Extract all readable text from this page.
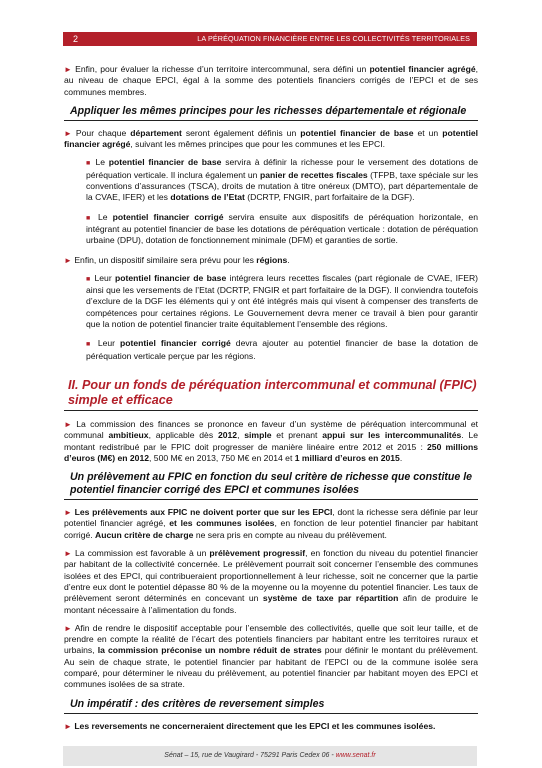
2	LA PÉRÉQUATION FINANCIÈRE ENTRE LES COLLECTIVITÉS TERRITORIALES

► Enfin, pour évaluer la richesse d’un territoire intercommunal, sera défini un potentiel financier agrégé, au niveau de chaque EPCI, égal à la somme des potentiels financiers corrigés de l’EPCI et de ses communes membres.

Appliquer les mêmes principes pour les richesses départementale et régionale

► Pour chaque département seront également définis un potentiel financier de base et un potentiel financier agrégé, suivant les mêmes principes que pour les communes et les EPCI.

■ Le potentiel financier de base servira à définir la richesse pour le versement des dotations de péréquation verticale. Il inclura également un panier de recettes fiscales (TFPB, taxe spéciale sur les conventions d’assurances (TSCA), droits de mutation à titre onéreux (DMTO), part départementale de la CVAE, IFER) et les dotations de l’Etat (DCRTP, FNGIR, part forfaitaire de la DGF).

■ Le potentiel financier corrigé servira ensuite aux dispositifs de péréquation horizontale, en intégrant au potentiel financier de base les dotations de péréquation verticale : dotation de péréquation urbaine (DPU), dotation de fonctionnement minimale (DFM) et garanties de sortie.

► Enfin, un dispositif similaire sera prévu pour les régions.

■ Leur potentiel financier de base intégrera leurs recettes fiscales (part régionale de CVAE, IFER) ainsi que les versements de l’Etat (DCRTP, FNGIR et part forfaitaire de la DGF). Il conviendra toutefois d’exclure de la DGF les éléments qui y ont été intégrés mais qui visent à compenser des transferts de compétences pour certaines régions. Le Gouvernement devra mener ce travail à bien pour garantir que la notion de potentiel financier traite équitablement l’ensemble des régions.

■ Leur potentiel financier corrigé devra ajouter au potentiel financier de base la dotation de péréquation verticale perçue par les régions.

II. Pour un fonds de péréquation intercommunal et communal (FPIC) simple et efficace

► La commission des finances se prononce en faveur d’un système de péréquation intercommunal et communal ambitieux, applicable dès 2012, simple et prenant appui sur les intercommunalités. Le montant redistribué par le FPIC doit progresser de manière linéaire entre 2012 et 2015 : 250 millions d’euros (M€) en 2012, 500 M€ en 2013, 750 M€ en 2014 et 1 milliard d’euros en 2015.

Un prélèvement au FPIC en fonction du seul critère de richesse que constitue le potentiel financier corrigé des EPCI et communes isolées

► Les prélèvements aux FPIC ne doivent porter que sur les EPCI, dont la richesse sera définie par leur potentiel financier agrégé, et les communes isolées, en fonction de leur potentiel financier par habitant corrigé. Aucun critère de charge ne sera pris en compte au niveau du prélèvement.

► La commission est favorable à un prélèvement progressif, en fonction du niveau du potentiel financier par habitant de la collectivité concernée. Le prélèvement pourrait soit concerner l’ensemble des communes isolées et des EPCI, qui contribueraient proportionnellement à leur richesse, soit ne concerner que la partie d’entre eux dont le potentiel dépasse 80 % de la moyenne ou la moyenne du potentiel financier. Les taux de prélèvement seront déterminés en concevant un système de taxe par répartition afin de produire le montant nécessaire à l’alimentation du fonds.

► Afin de rendre le dispositif acceptable pour l’ensemble des collectivités, quelle que soit leur taille, et de prendre en compte la réalité de l’écart des potentiels financiers par habitant entre les territoires ruraux et urbains, la commission préconise un nombre réduit de strates pour définir le montant du prélèvement. Au sein de chaque strate, le potentiel financier par habitant de l’EPCI ou de la commune isolée sera comparé, pour déterminer le niveau du prélèvement, au potentiel financier par habitant moyen des EPCI et communes isolées de sa strate.

Un impératif : des critères de reversement simples

► Les reversements ne concerneraient directement que les EPCI et les communes isolées.

Sénat – 15, rue de Vaugirard - 75291 Paris Cedex 06 - www.senat.fr
